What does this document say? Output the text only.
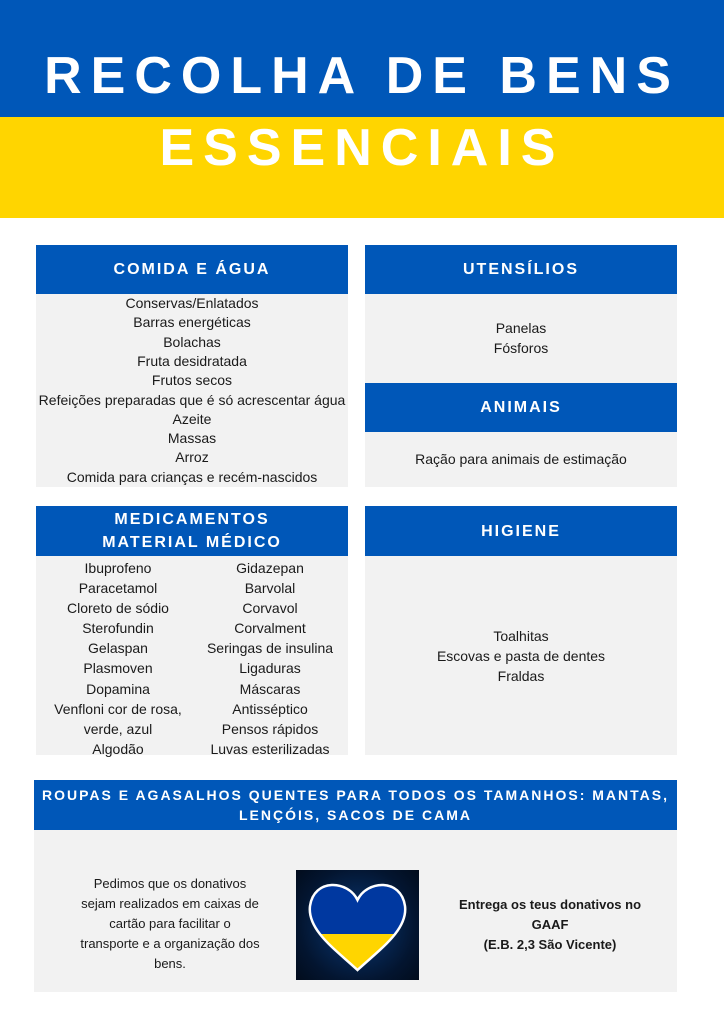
RECOLHA DE BENS
ESSENCIAIS
COMIDA E ÁGUA
Conservas/Enlatados
Barras energéticas
Bolachas
Fruta desidratada
Frutos secos
Refeições preparadas que é só acrescentar água
Azeite
Massas
Arroz
Comida para crianças e recém-nascidos
UTENSÍLIOS
Panelas
Fósforos
ANIMAIS
Ração para animais de estimação
MEDICAMENTOS
MATERIAL MÉDICO
Ibuprofeno
Paracetamol
Cloreto de sódio
Sterofundin
Gelaspan
Plasmoven
Dopamina
Venfloni cor de rosa,
verde, azul
Algodão
Gidazepan
Barvolal
Corvavol
Corvalment
Seringas de insulina
Ligaduras
Máscaras
Antisséptico
Pensos rápidos
Luvas esterilizadas
HIGIENE
Toalhitas
Escovas e pasta de dentes
Fraldas
ROUPAS E AGASALHOS QUENTES PARA TODOS OS TAMANHOS: MANTAS,
LENÇÓIS, SACOS DE CAMA
Pedimos que os donativos
sejam realizados em caixas de
cartão para facilitar o
transporte e a organização dos
bens.
Entrega os teus donativos no GAAF
(E.B. 2,3 São Vicente)
